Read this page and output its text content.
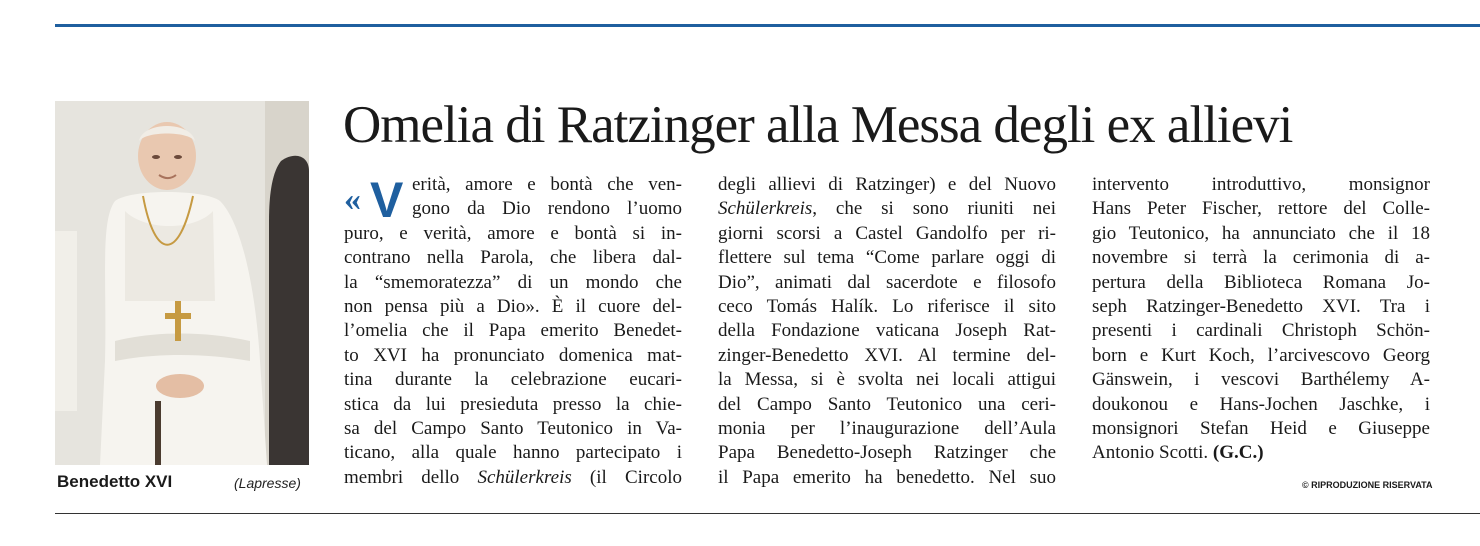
Benedetto XVI	(Lapresse)
Omelia di Ratzinger alla Messa degli ex allievi
« V erità, amore e bontà che ven-
gono da Dio rendono l’uomo
puro, e verità, amore e bontà si in-
contrano nella Parola, che libera dal-
la “smemoratezza” di un mondo che
non pensa più a Dio». È il cuore del-
l’omelia che il Papa emerito Benedet-
to XVI ha pronunciato domenica mat-
tina durante la celebrazione eucari-
stica da lui presieduta presso la chie-
sa del Campo Santo Teutonico in Va-
ticano, alla quale hanno partecipato i
membri dello Schülerkreis (il Circolo
degli allievi di Ratzinger) e del Nuovo
Schülerkreis, che si sono riuniti nei
giorni scorsi a Castel Gandolfo per ri-
flettere sul tema “Come parlare oggi di
Dio”, animati dal sacerdote e filosofo
ceco Tomás Halík. Lo riferisce il sito
della Fondazione vaticana Joseph Rat-
zinger-Benedetto XVI. Al termine del-
la Messa, si è svolta nei locali attigui
del Campo Santo Teutonico una ceri-
monia per l’inaugurazione dell’Aula
Papa Benedetto-Joseph Ratzinger che
il Papa emerito ha benedetto. Nel suo
intervento introduttivo, monsignor
Hans Peter Fischer, rettore del Colle-
gio Teutonico, ha annunciato che il 18
novembre si terrà la cerimonia di a-
pertura della Biblioteca Romana Jo-
seph Ratzinger-Benedetto XVI. Tra i
presenti i cardinali Christoph Schön-
born e Kurt Koch, l’arcivescovo Georg
Gänswein, i vescovi Barthélemy A-
doukonou e Hans-Jochen Jaschke, i
monsignori Stefan Heid e Giuseppe
Antonio Scotti. (G.C.)
© RIPRODUZIONE RISERVATA
